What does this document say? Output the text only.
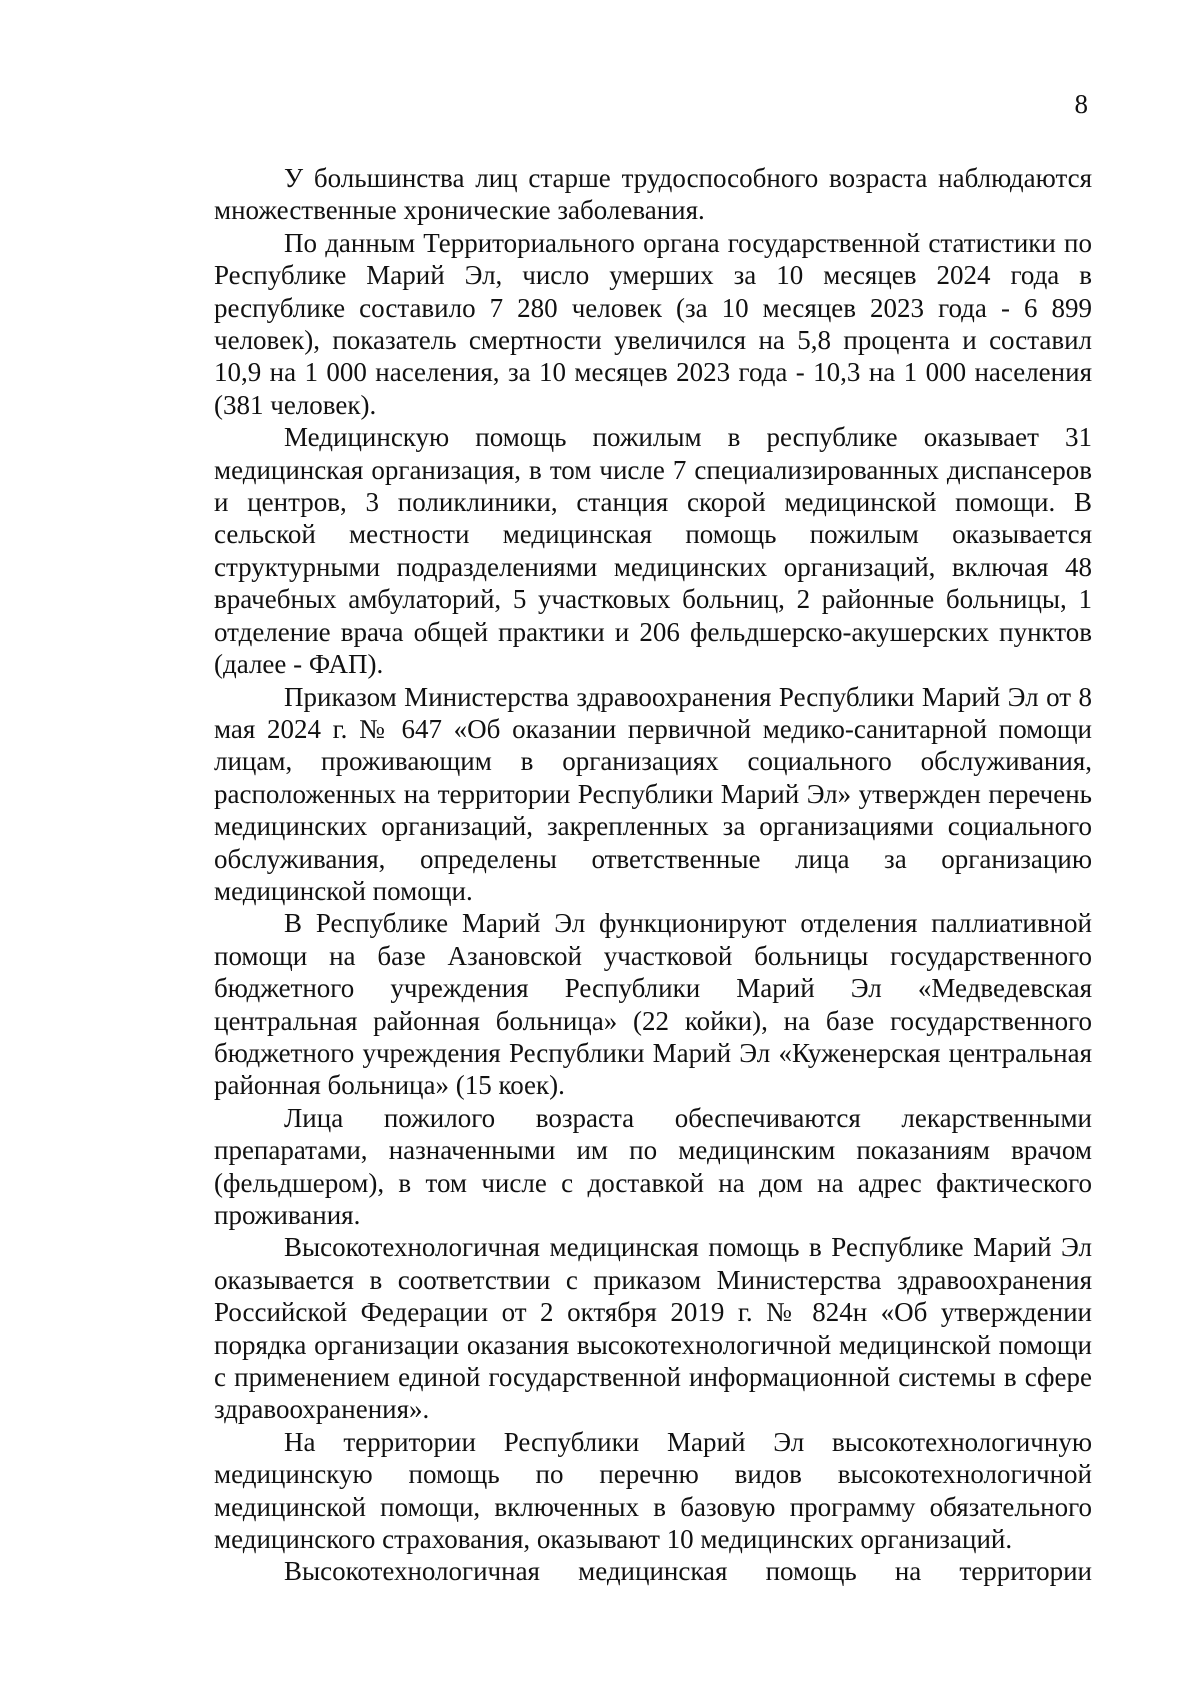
8

У большинства лиц старше трудоспособного возраста наблюдаются множественные хронические заболевания.

По данным Территориального органа государственной статистики по Республике Марий Эл, число умерших за 10 месяцев 2024 года в республике составило 7 280 человек (за 10 месяцев 2023 года - 6 899 человек), показатель смертности увеличился на 5,8 процента и составил 10,9 на 1 000 населения, за 10 месяцев 2023 года - 10,3 на 1 000 населения (381 человек).

Медицинскую помощь пожилым в республике оказывает 31 медицинская организация, в том числе 7 специализированных диспансеров и центров, 3 поликлиники, станция скорой медицинской помощи. В сельской местности медицинская помощь пожилым оказывается структурными подразделениями медицинских организаций, включая 48 врачебных амбулаторий, 5 участковых больниц, 2 районные больницы, 1 отделение врача общей практики и 206 фельдшерско-акушерских пунктов (далее - ФАП).

Приказом Министерства здравоохранения Республики Марий Эл от 8 мая 2024 г. № 647 «Об оказании первичной медико-санитарной помощи лицам, проживающим в организациях социального обслуживания, расположенных на территории Республики Марий Эл» утвержден перечень медицинских организаций, закрепленных за организациями социального обслуживания, определены ответственные лица за организацию медицинской помощи.

В Республике Марий Эл функционируют отделения паллиативной помощи на базе Азановской участковой больницы государственного бюджетного учреждения Республики Марий Эл «Медведевская центральная районная больница» (22 койки), на базе государственного бюджетного учреждения Республики Марий Эл «Куженерская центральная районная больница» (15 коек).

Лица пожилого возраста обеспечиваются лекарственными препаратами, назначенными им по медицинским показаниям врачом (фельдшером), в том числе с доставкой на дом на адрес фактического проживания.

Высокотехнологичная медицинская помощь в Республике Марий Эл оказывается в соответствии с приказом Министерства здравоохранения Российской Федерации от 2 октября 2019 г. № 824н «Об утверждении порядка организации оказания высокотехнологичной медицинской помощи с применением единой государственной информационной системы в сфере здравоохранения».

На территории Республики Марий Эл высокотехнологичную медицинскую помощь по перечню видов высокотехнологичной медицинской помощи, включенных в базовую программу обязательного медицинского страхования, оказывают 10 медицинских организаций.

Высокотехнологичная медицинская помощь на территории
